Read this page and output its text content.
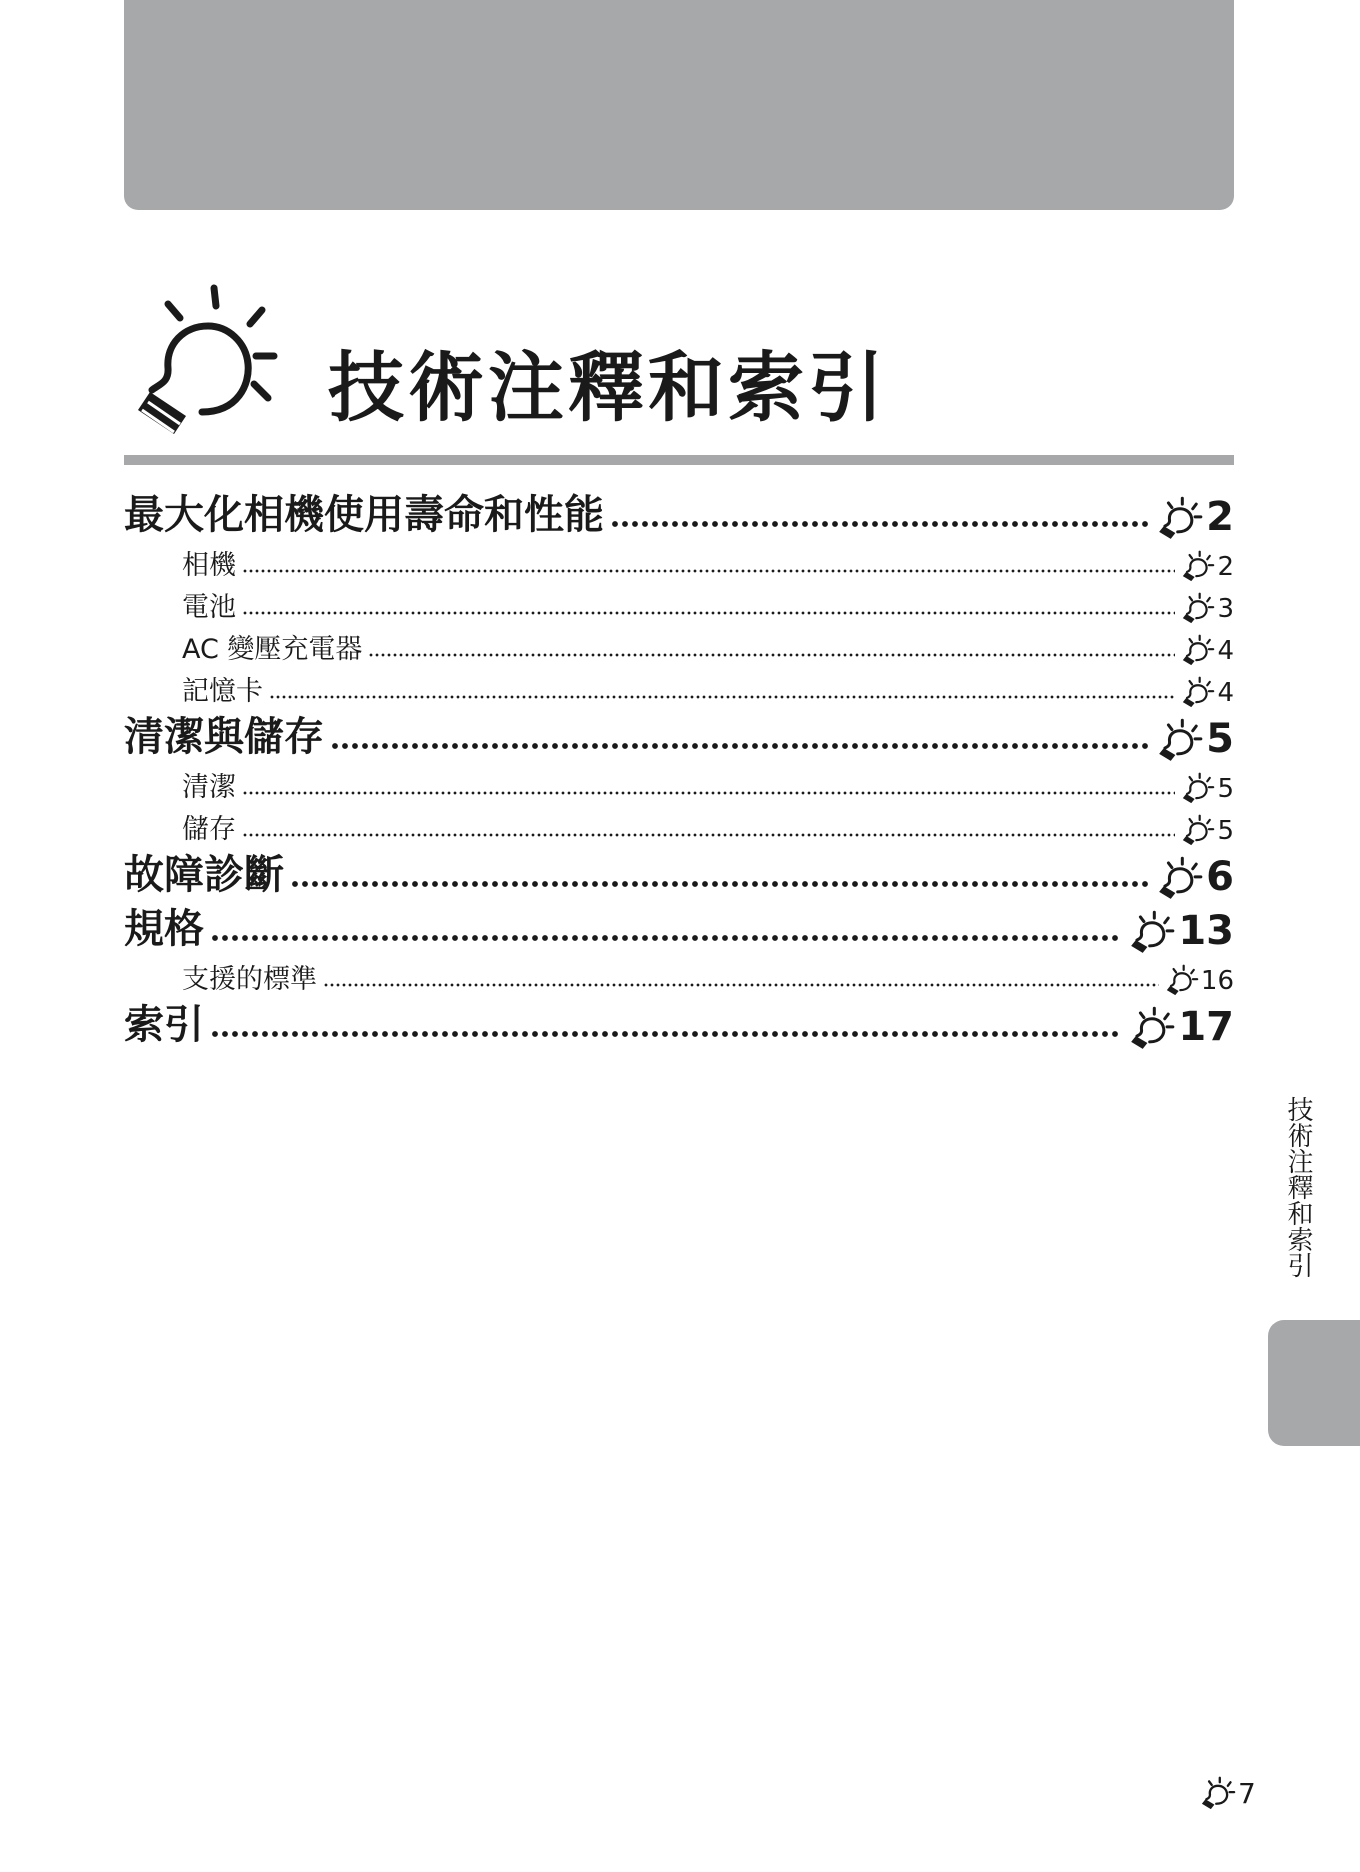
技術注釋和索引
最大化相機使用壽命和性能	2
相機	2
電池	3
AC 變壓充電器	4
記憶卡	4
清潔與儲存	5
清潔	5
儲存	5
故障診斷	6
規格	13
支援的標準	16
索引	17
技術注釋和索引
7
